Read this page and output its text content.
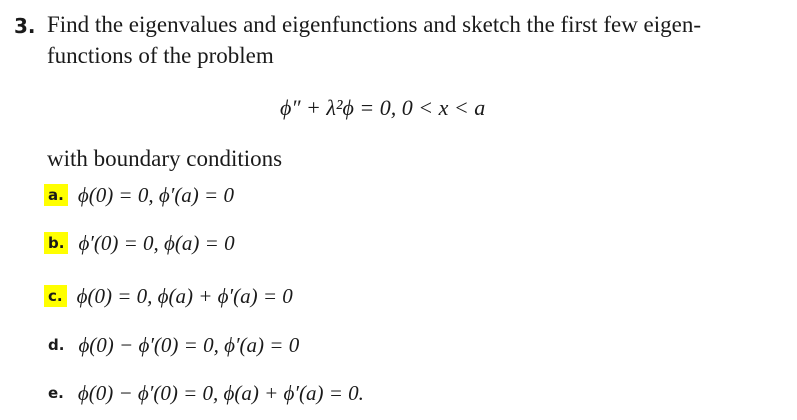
3. Find the eigenvalues and eigenfunctions and sketch the first few eigen-
functions of the problem
ϕ″ + λ²ϕ = 0, 0 < x < a
with boundary conditions
a. ϕ(0) = 0, ϕ′(a) = 0
b. ϕ′(0) = 0, ϕ(a) = 0
c. ϕ(0) = 0, ϕ(a) + ϕ′(a) = 0
d. ϕ(0) − ϕ′(0) = 0, ϕ′(a) = 0
e. ϕ(0) − ϕ′(0) = 0, ϕ(a) + ϕ′(a) = 0.
